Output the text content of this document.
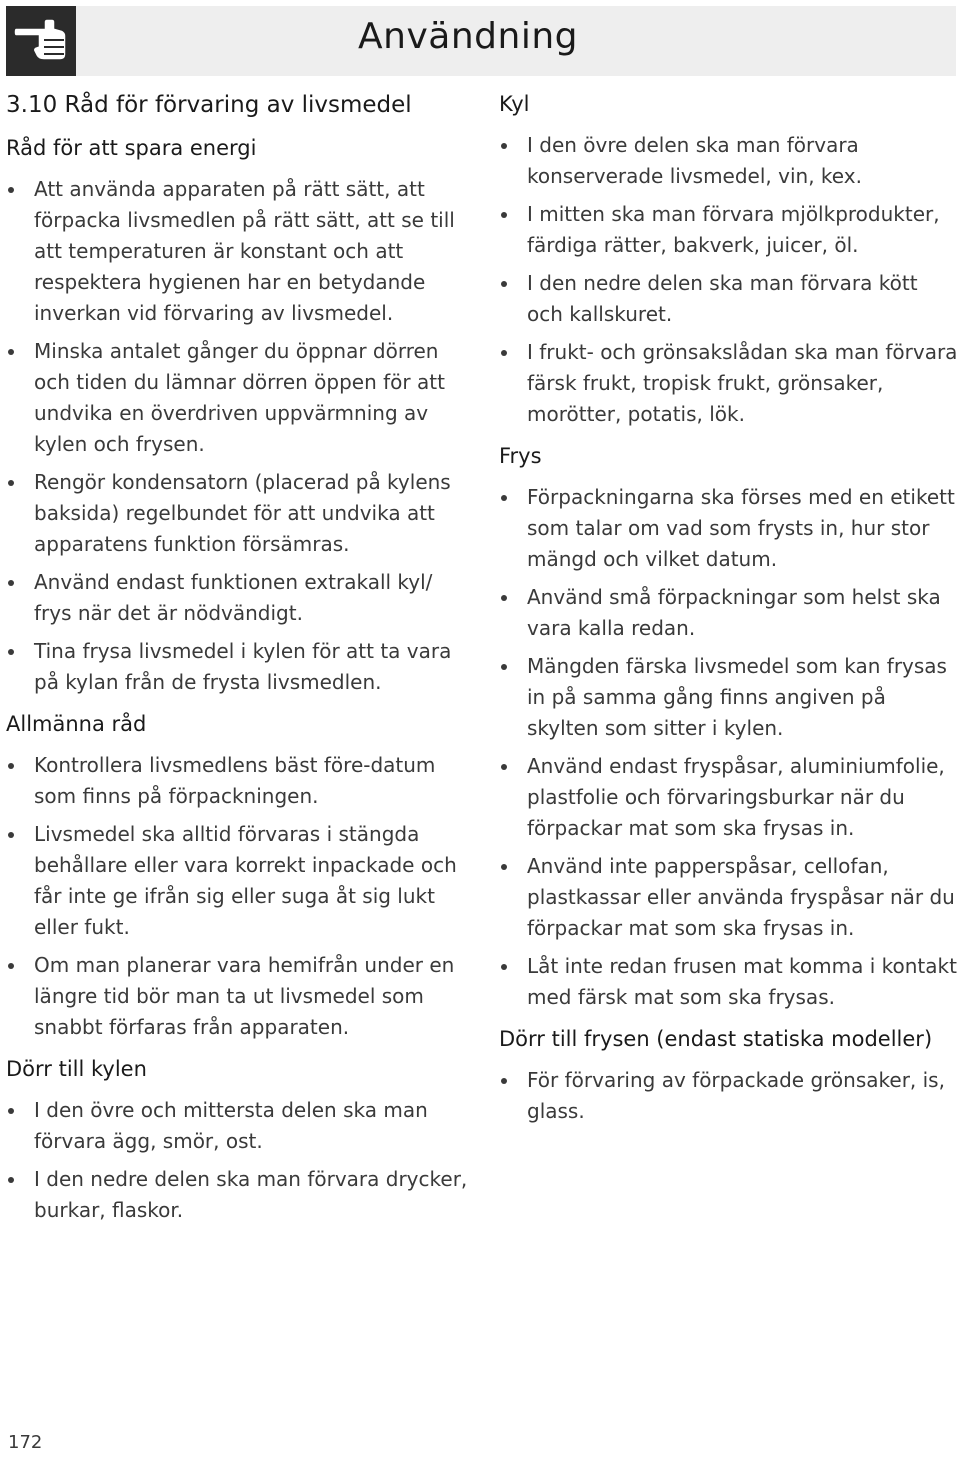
Användning
3.10 Råd för förvaring av livsmedel
Råd för att spara energi
Att använda apparaten på rätt sätt, att förpacka livsmedlen på rätt sätt, att se till att temperaturen är konstant och att respektera hygienen har en betydande inverkan vid förvaring av livsmedel.
Minska antalet gånger du öppnar dörren och tiden du lämnar dörren öppen för att undvika en överdriven uppvärmning av kylen och frysen.
Rengör kondensatorn (placerad på kylens baksida) regelbundet för att undvika att apparatens funktion försämras.
Använd endast funktionen extrakall kyl/ frys när det är nödvändigt.
Tina frysa livsmedel i kylen för att ta vara på kylan från de frysta livsmedlen.
Allmänna råd
Kontrollera livsmedlens bäst före-datum som finns på förpackningen.
Livsmedel ska alltid förvaras i stängda behållare eller vara korrekt inpackade och får inte ge ifrån sig eller suga åt sig lukt eller fukt.
Om man planerar vara hemifrån under en längre tid bör man ta ut livsmedel som snabbt förfaras från apparaten.
Dörr till kylen
I den övre och mittersta delen ska man förvara ägg, smör, ost.
I den nedre delen ska man förvara drycker, burkar, flaskor.
Kyl
I den övre delen ska man förvara konserverade livsmedel, vin, kex.
I mitten ska man förvara mjölkprodukter, färdiga rätter, bakverk, juicer, öl.
I den nedre delen ska man förvara kött och kallskuret.
I frukt- och grönsakslådan ska man förvara färsk frukt, tropisk frukt, grönsaker, morötter, potatis, lök.
Frys
Förpackningarna ska förses med en etikett som talar om vad som frysts in, hur stor mängd och vilket datum.
Använd små förpackningar som helst ska vara kalla redan.
Mängden färska livsmedel som kan frysas in på samma gång finns angiven på skylten som sitter i kylen.
Använd endast fryspåsar, aluminiumfolie, plastfolie och förvaringsburkar när du förpackar mat som ska frysas in.
Använd inte papperspåsar, cellofan, plastkassar eller använda fryspåsar när du förpackar mat som ska frysas in.
Låt inte redan frusen mat komma i kontakt med färsk mat som ska frysas.
Dörr till frysen (endast statiska modeller)
För förvaring av förpackade grönsaker, is, glass.
172
